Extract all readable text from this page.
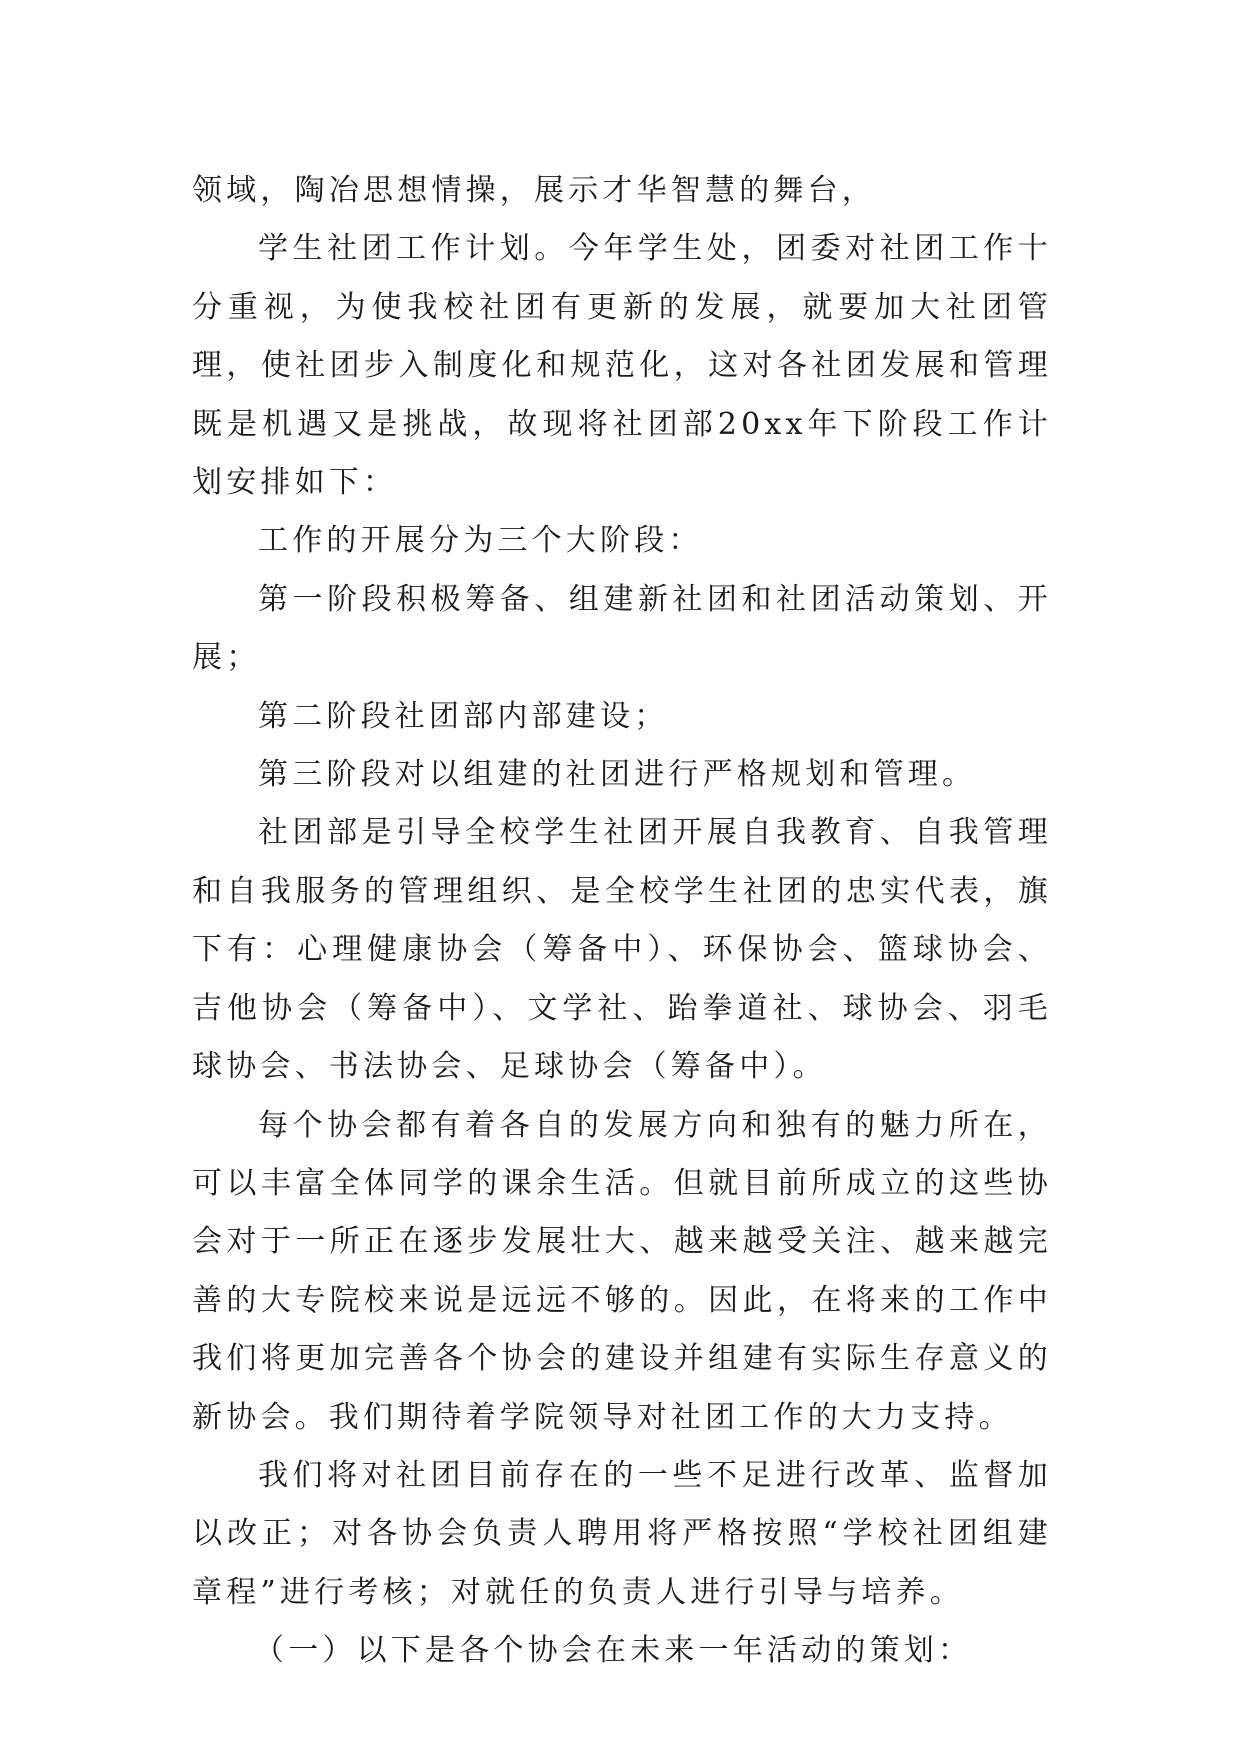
领域，陶冶思想情操，展示才华智慧的舞台，

学生社团工作计划。今年学生处，团委对社团工作十分重视，为使我校社团有更新的发展，就要加大社团管理，使社团步入制度化和规范化，这对各社团发展和管理既是机遇又是挑战，故现将社团部20xx年下阶段工作计划安排如下：

工作的开展分为三个大阶段：

第一阶段积极筹备、组建新社团和社团活动策划、开展；

第二阶段社团部内部建设；

第三阶段对以组建的社团进行严格规划和管理。

社团部是引导全校学生社团开展自我教育、自我管理和自我服务的管理组织、是全校学生社团的忠实代表，旗下有：心理健康协会（筹备中）、环保协会、篮球协会、吉他协会（筹备中）、文学社、跆拳道社、球协会、羽毛球协会、书法协会、足球协会（筹备中）。

每个协会都有着各自的发展方向和独有的魅力所在，可以丰富全体同学的课余生活。但就目前所成立的这些协会对于一所正在逐步发展壮大、越来越受关注、越来越完善的大专院校来说是远远不够的。因此，在将来的工作中我们将更加完善各个协会的建设并组建有实际生存意义的新协会。我们期待着学院领导对社团工作的大力支持。

我们将对社团目前存在的一些不足进行改革、监督加以改正；对各协会负责人聘用将严格按照“学校社团组建章程”进行考核；对就任的负责人进行引导与培养。

（一）以下是各个协会在未来一年活动的策划：
